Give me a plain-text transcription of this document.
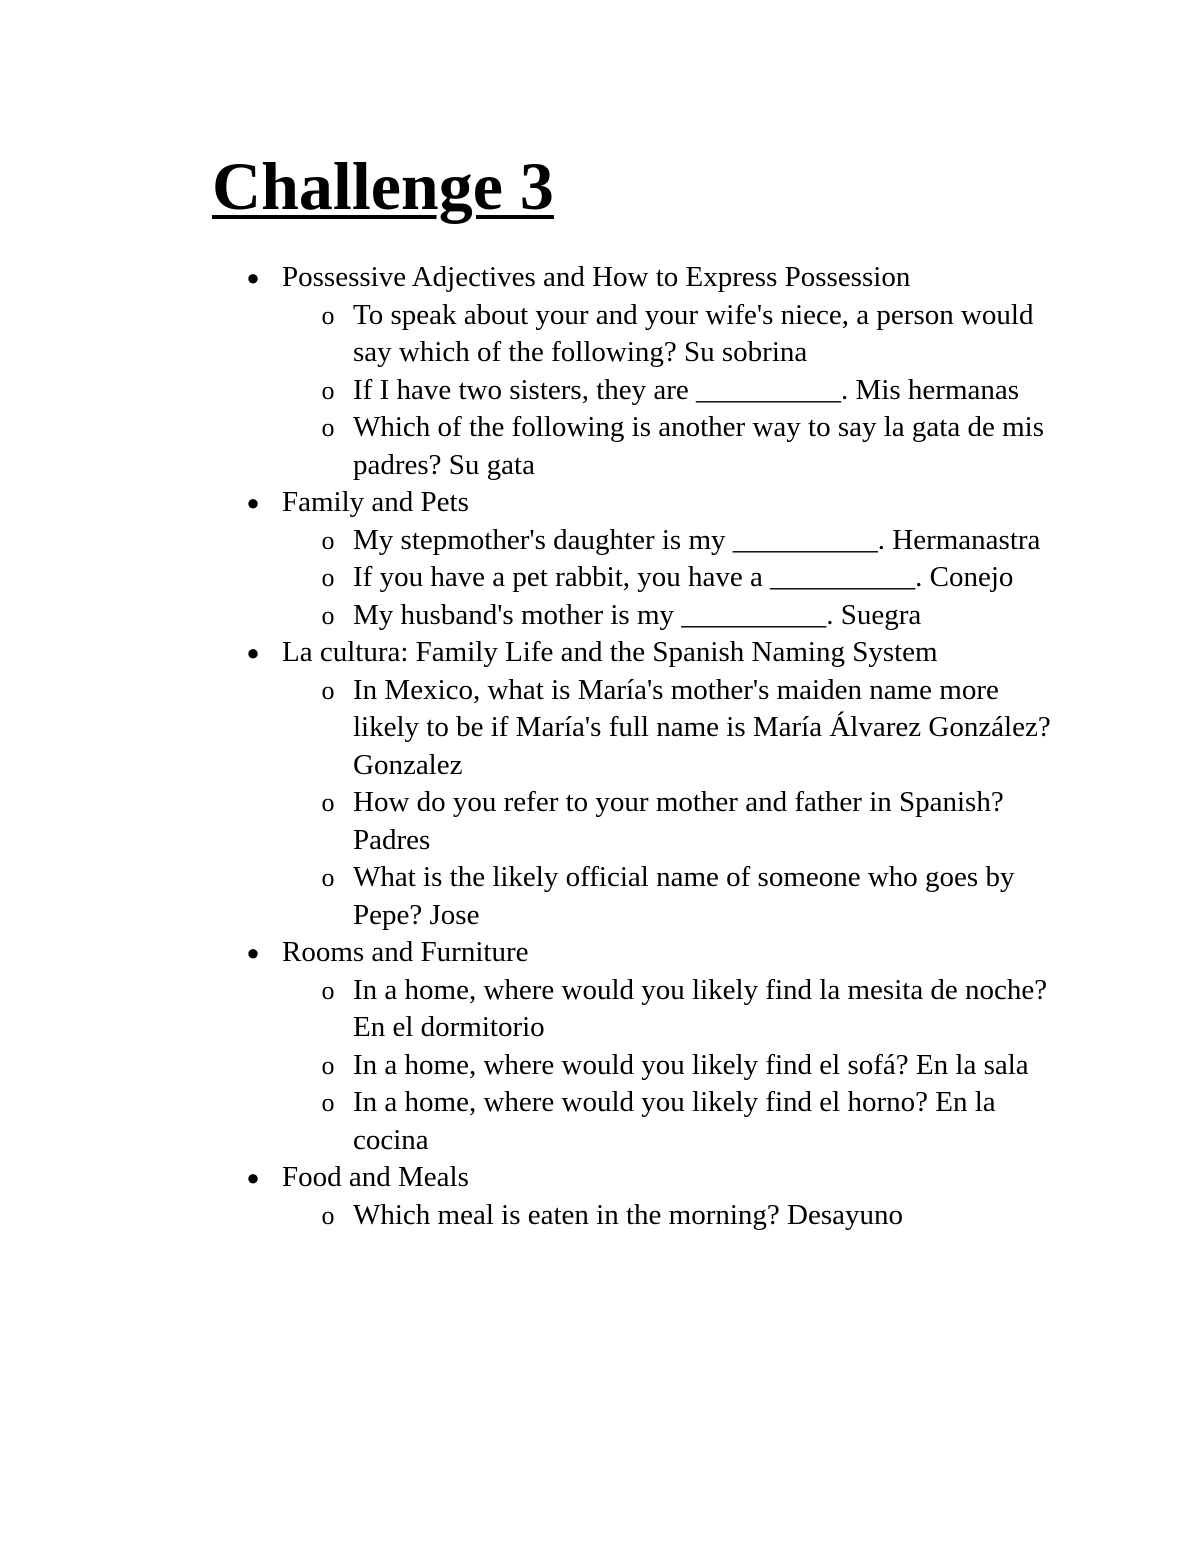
Challenge 3
● Possessive Adjectives and How to Express Possession
o To speak about your and your wife's niece, a person would say which of the following? Su sobrina
o If I have two sisters, they are __________. Mis hermanas
o Which of the following is another way to say la gata de mis padres? Su gata
● Family and Pets
o My stepmother's daughter is my __________. Hermanastra
o If you have a pet rabbit, you have a __________. Conejo
o My husband's mother is my __________. Suegra
● La cultura: Family Life and the Spanish Naming System
o In Mexico, what is María's mother's maiden name more likely to be if María's full name is María Álvarez González? Gonzalez
o How do you refer to your mother and father in Spanish? Padres
o What is the likely official name of someone who goes by Pepe? Jose
● Rooms and Furniture
o In a home, where would you likely find la mesita de noche? En el dormitorio
o In a home, where would you likely find el sofá? En la sala
o In a home, where would you likely find el horno? En la cocina
● Food and Meals
o Which meal is eaten in the morning? Desayuno
